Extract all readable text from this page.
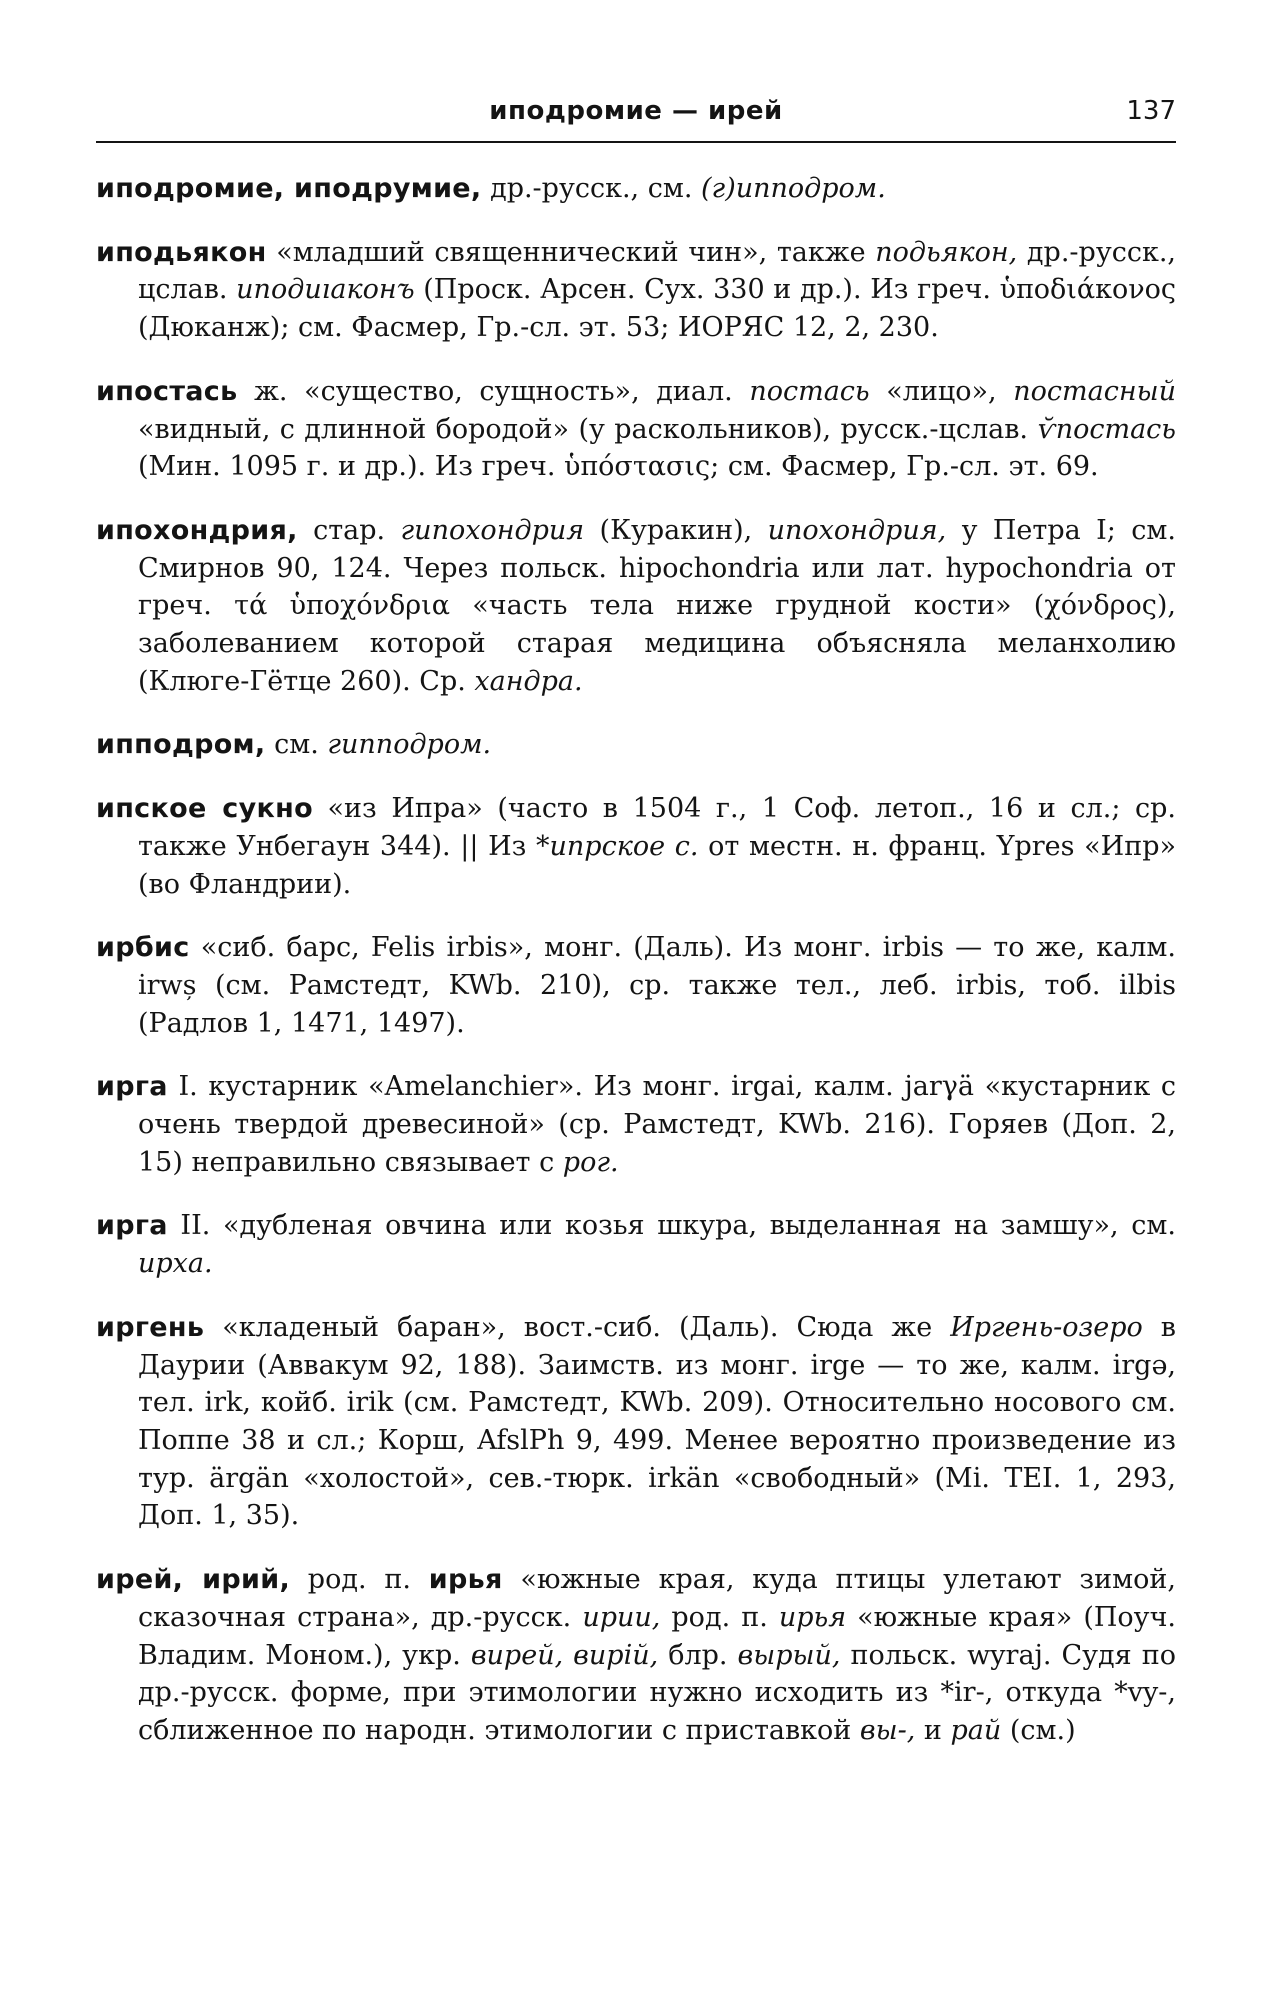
иподромие — ирей	137

иподромие, иподрумие, др.-русск., см. (г)ипподром.

иподьякон «младший священнический чин», также подьякон, др.-русск., цслав. иподиıаконъ (Проск. Арсен. Сух. 330 и др.). Из греч. ὑποδιάκονος (Дюканж); см. Фасмер, Гр.-сл. эт. 53; ИОРЯС 12, 2, 230.

ипостась ж. «существо, сущность», диал. постась «лицо», постасный «видный, с длинной бородой» (у раскольников), русск.-цслав. ѵ̆постась (Мин. 1095 г. и др.). Из греч. ὑπόστασις; см. Фасмер, Гр.-сл. эт. 69.

ипохондрия, стар. гипохондрия (Куракин), ипохондрия, у Петра I; см. Смирнов 90, 124. Через польск. hipochondria или лат. hypochondria от греч. τά ὑποχόνδρια «часть тела ниже грудной кости» (χόνδρος), заболеванием которой старая медицина объясняла меланхолию (Клюге-Гётце 260). Ср. хандра.

ипподром, см. гипподром.

ипское сукно «из Ипра» (часто в 1504 г., 1 Соф. летоп., 16 и сл.; ср. также Унбегаун 344). || Из *ипрское с. от местн. н. франц. Ypres «Ипр» (во Фландрии).

ирбис «сиб. барс, Felis irbis», монг. (Даль). Из монг. irbis — то же, калм. irwș (см. Рамстедт, KWb. 210), ср. также тел., леб. irbis, тоб. ilbis (Радлов 1, 1471, 1497).

ирга I. кустарник «Amelanchier». Из монг. irgai, калм. jarγä «кустарник с очень твердой древесиной» (ср. Рамстедт, KWb. 216). Горяев (Доп. 2, 15) неправильно связывает с рог.

ирга II. «дубленая овчина или козья шкура, выделанная на замшу», см. ирха.

иргень «кладеный баран», вост.-сиб. (Даль). Сюда же Иргень-озеро в Даурии (Аввакум 92, 188). Заимств. из монг. irge — то же, калм. irgə, тел. irk, койб. irik (см. Рамстедт, KWb. 209). Относительно носового см. Поппе 38 и сл.; Корш, AfslPh 9, 499. Менее вероятно произведение из тур. ärgän «холостой», сев.-тюрк. irkän «свободный» (Mi. TEI. 1, 293, Доп. 1, 35).

ирей, ирий, род. п. ирья «южные края, куда птицы улетают зимой, сказочная страна», др.-русск. ирии, род. п. ирья «южные края» (Поуч. Владим. Моном.), укр. вирей, вирiй, блр. вырый, польск. wyraj. Судя по др.-русск. форме, при этимологии нужно исходить из *ir-, откуда *vy-, сближенное по народн. этимологии с приставкой вы-, и рай (см.)
